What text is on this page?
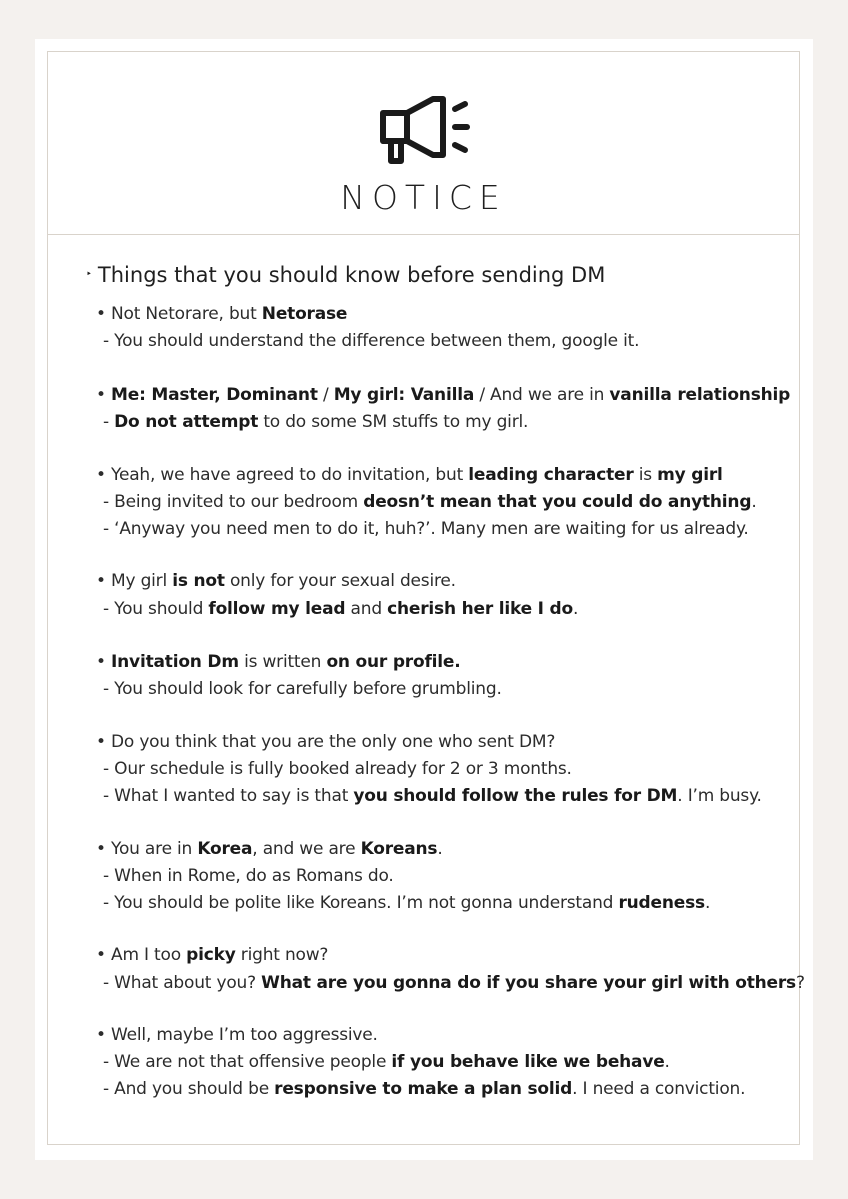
NOTICE
‣ Things that you should know before sending DM
• Not Netorare, but Netorase
- You should understand the difference between them, google it.
• Me: Master, Dominant / My girl: Vanilla / And we are in vanilla relationship
- Do not attempt to do some SM stuffs to my girl.
• Yeah, we have agreed to do invitation, but leading character is my girl
- Being invited to our bedroom deosn’t mean that you could do anything.
- ‘Anyway you need men to do it, huh?’. Many men are waiting for us already.
• My girl is not only for your sexual desire.
- You should follow my lead and cherish her like I do.
• Invitation Dm is written on our profile.
- You should look for carefully before grumbling.
• Do you think that you are the only one who sent DM?
- Our schedule is fully booked already for 2 or 3 months.
- What I wanted to say is that you should follow the rules for DM. I’m busy.
• You are in Korea, and we are Koreans.
- When in Rome, do as Romans do.
- You should be polite like Koreans. I’m not gonna understand rudeness.
• Am I too picky right now?
- What about you? What are you gonna do if you share your girl with others?
• Well, maybe I’m too aggressive.
- We are not that offensive people if you behave like we behave.
- And you should be responsive to make a plan solid. I need a conviction.
